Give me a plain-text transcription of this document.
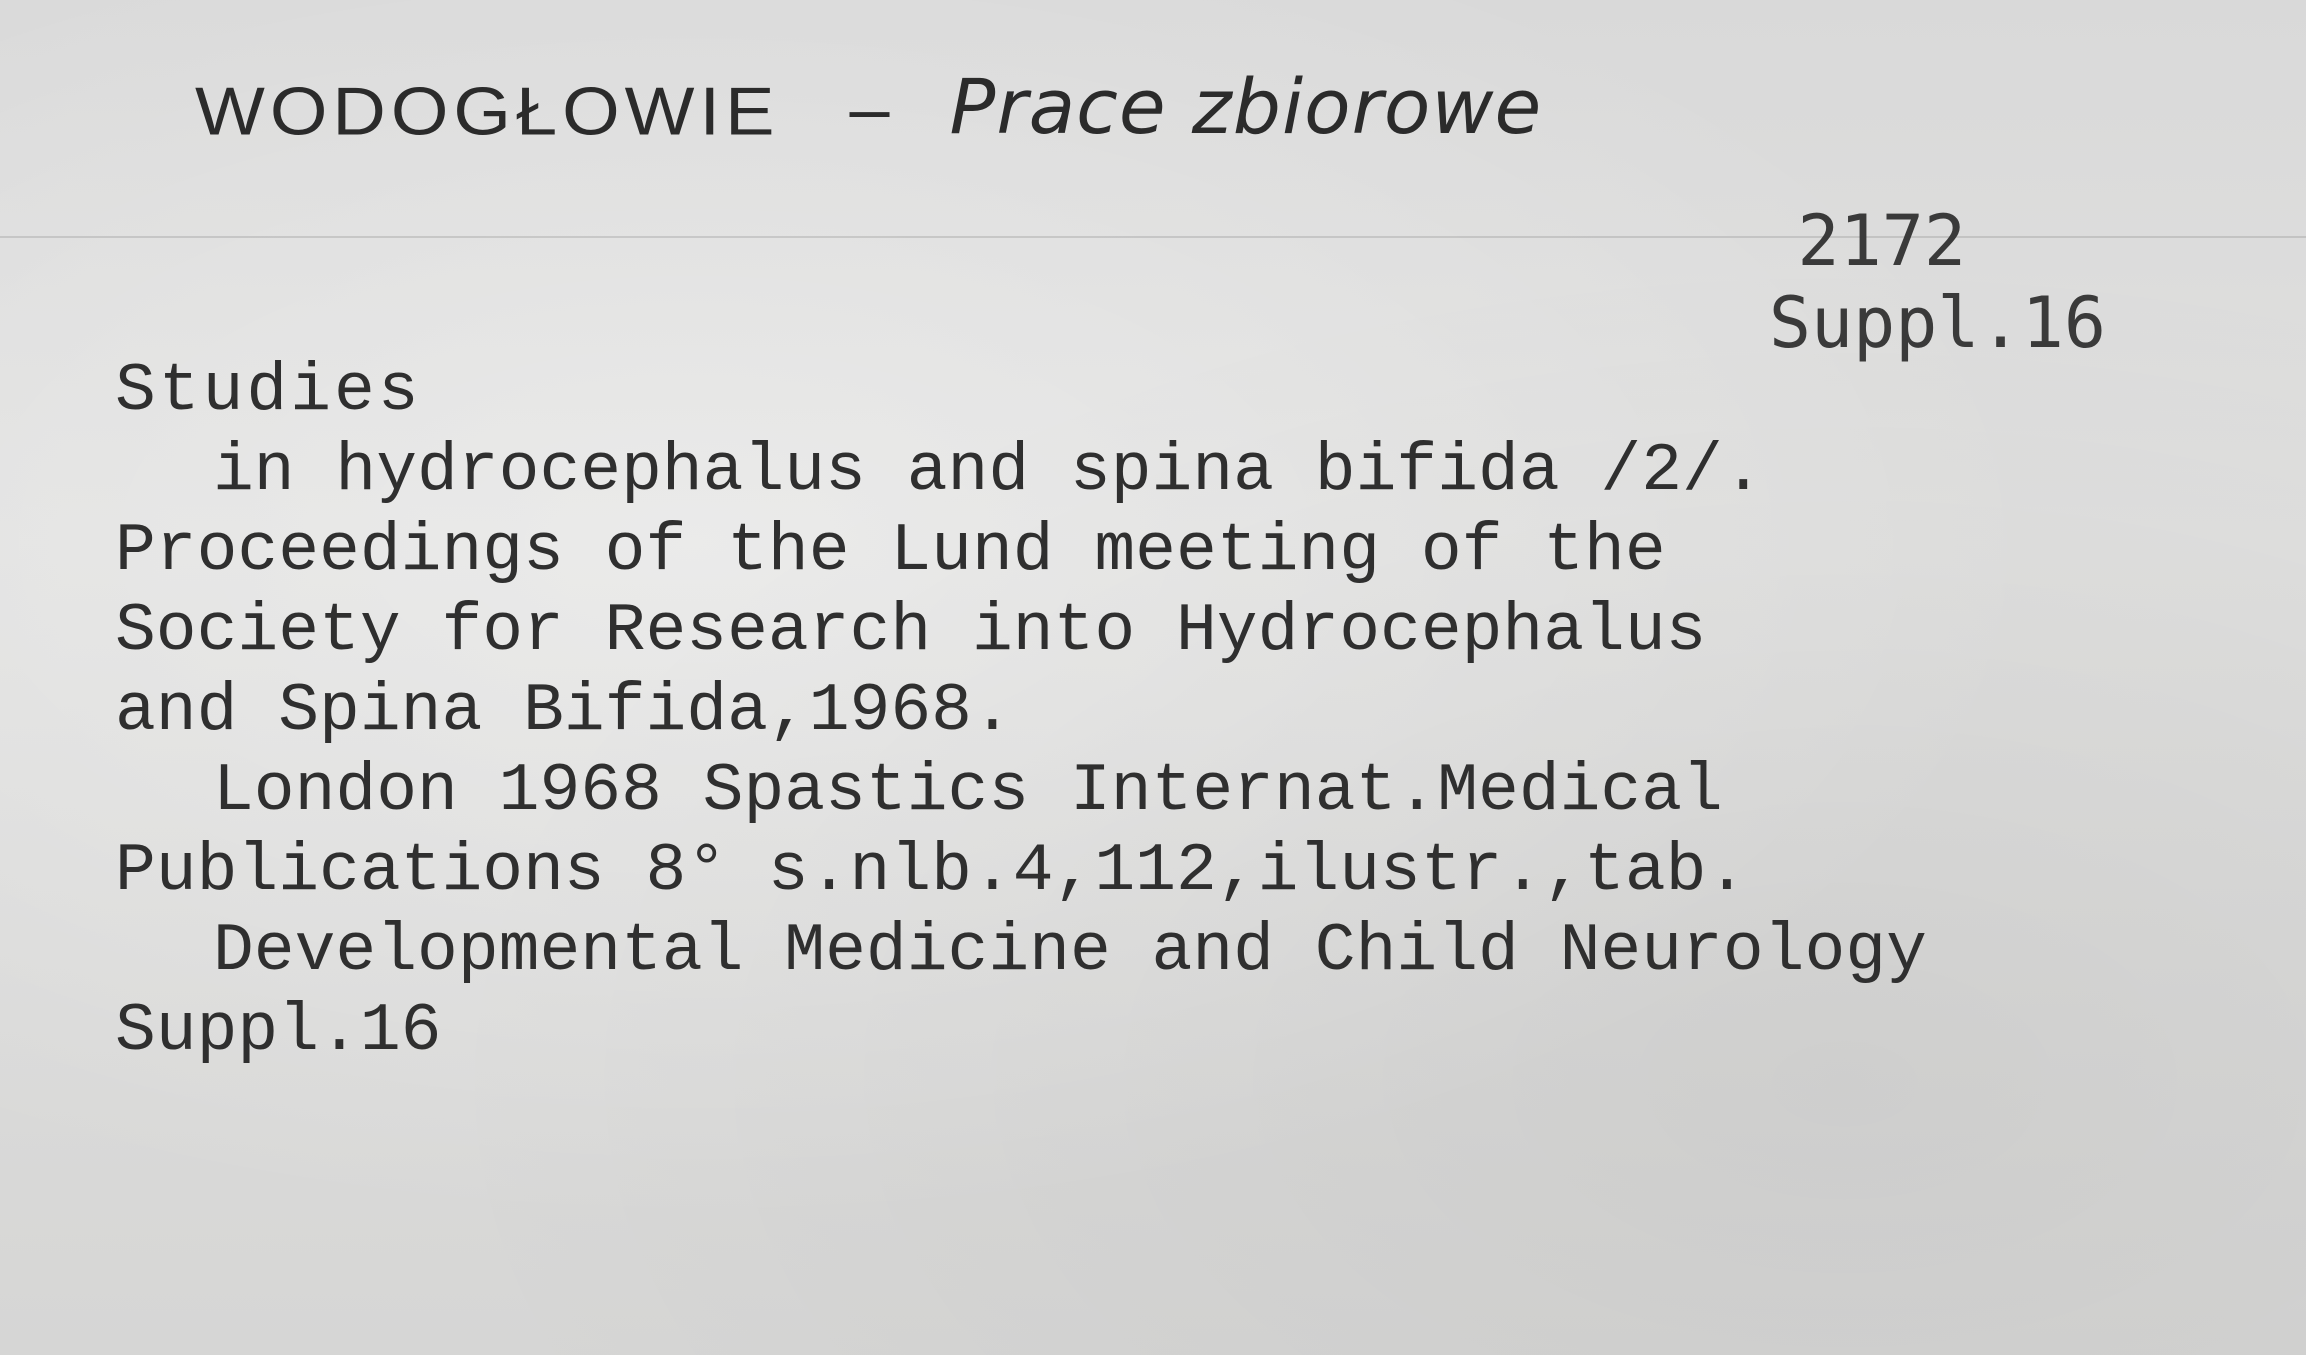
WODOGŁOWIE – Prace zbiorowe
2172
Suppl.16
Studies
in hydrocephalus and spina bifida /2/.
Proceedings of the Lund meeting of the
Society for Research into Hydrocephalus
and Spina Bifida,1968.
London 1968 Spastics Internat.Medical
Publications 8° s.nlb.4,112,ilustr.,tab.
Developmental Medicine and Child Neurology
Suppl.16
